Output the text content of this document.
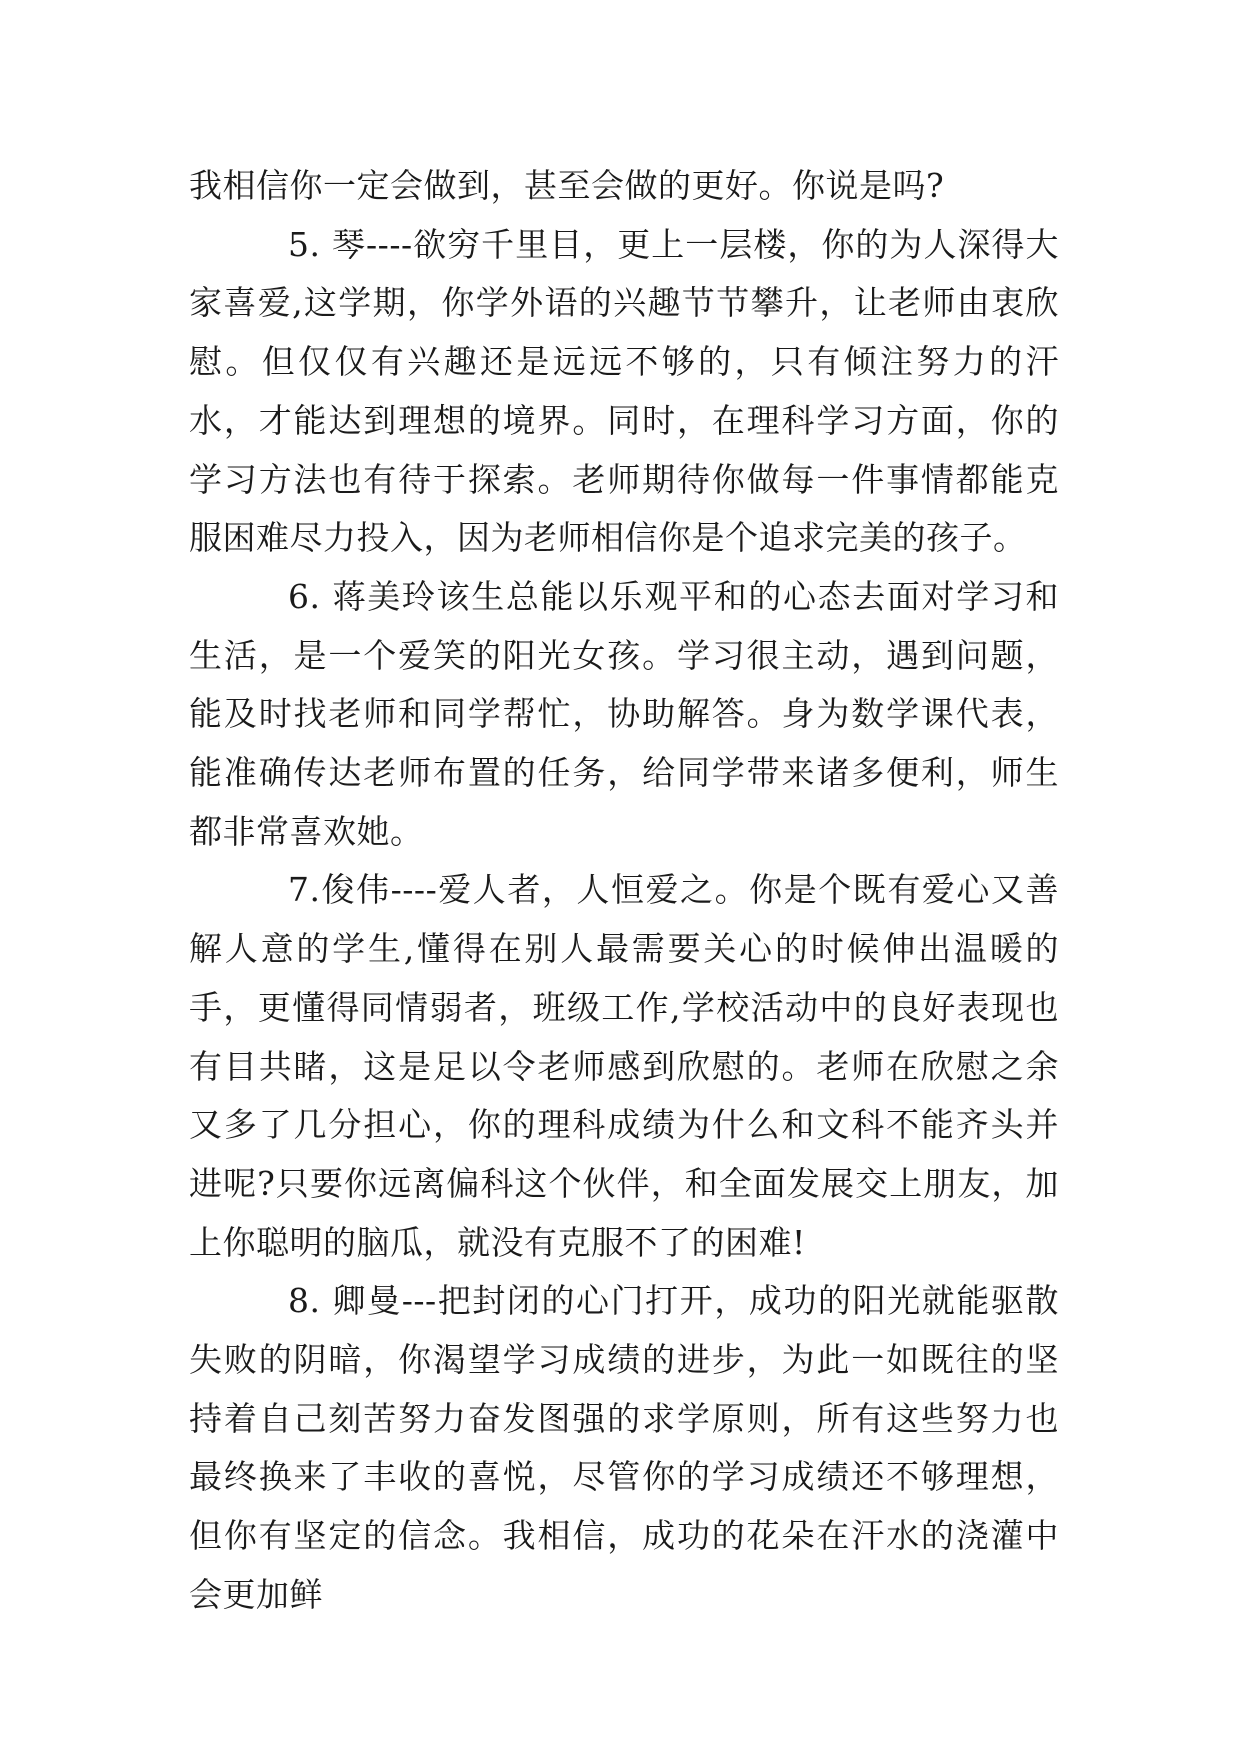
我相信你一定会做到，甚至会做的更好。你说是吗?

5. 琴----欲穷千里目，更上一层楼，你的为人深得大家喜爱,这学期，你学外语的兴趣节节攀升，让老师由衷欣慰。但仅仅有兴趣还是远远不够的，只有倾注努力的汗水，才能达到理想的境界。同时，在理科学习方面，你的学习方法也有待于探索。老师期待你做每一件事情都能克服困难尽力投入，因为老师相信你是个追求完美的孩子。

6. 蒋美玲该生总能以乐观平和的心态去面对学习和生活，是一个爱笑的阳光女孩。学习很主动，遇到问题，能及时找老师和同学帮忙，协助解答。身为数学课代表，能准确传达老师布置的任务，给同学带来诸多便利，师生都非常喜欢她。

7.俊伟----爱人者，人恒爱之。你是个既有爱心又善解人意的学生,懂得在别人最需要关心的时候伸出温暖的手，更懂得同情弱者，班级工作,学校活动中的良好表现也有目共睹，这是足以令老师感到欣慰的。老师在欣慰之余又多了几分担心，你的理科成绩为什么和文科不能齐头并进呢?只要你远离偏科这个伙伴，和全面发展交上朋友，加上你聪明的脑瓜，就没有克服不了的困难!

8. 卿曼---把封闭的心门打开，成功的阳光就能驱散失败的阴暗，你渴望学习成绩的进步，为此一如既往的坚持着自己刻苦努力奋发图强的求学原则，所有这些努力也最终换来了丰收的喜悦，尽管你的学习成绩还不够理想，但你有坚定的信念。我相信，成功的花朵在汗水的浇灌中会更加鲜
